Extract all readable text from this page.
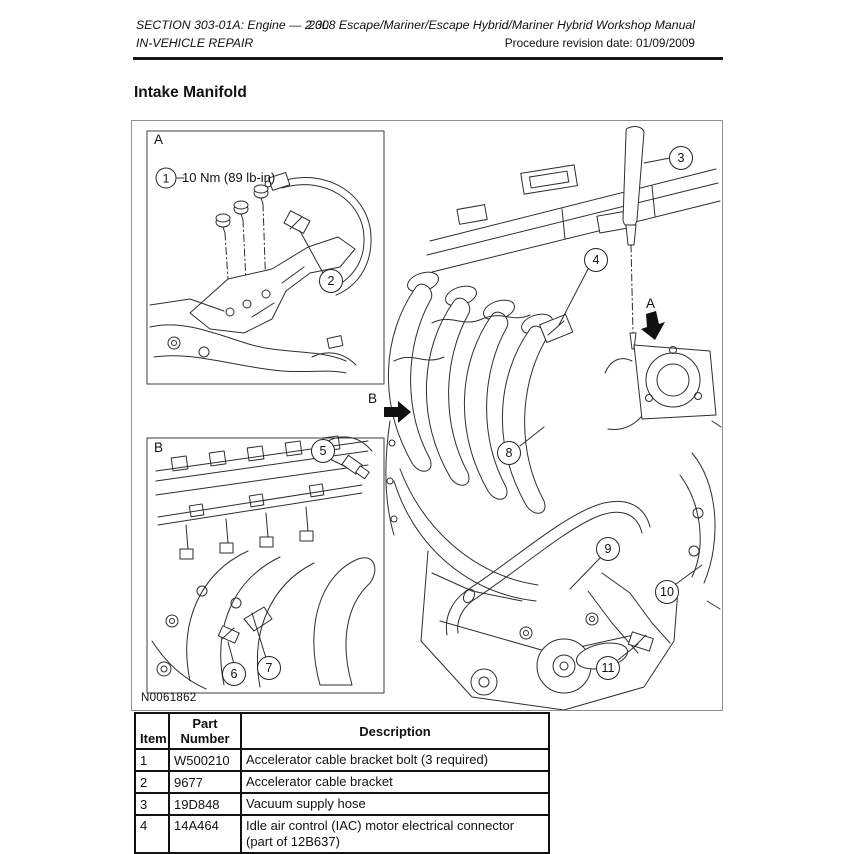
SECTION 303-01A: Engine — 2.3L
IN-VEHICLE REPAIR
2008 Escape/Mariner/Escape Hybrid/Mariner Hybrid Workshop Manual
Procedure revision date: 01/09/2009
Intake Manifold
A
B
A
B
10 Nm (89 lb-in)
N0061862
1
2
3
4
5
6	7
8
9
10
11
Item	Part Number	Description
1	W500210	Accelerator cable bracket bolt (3 required)
2	9677	Accelerator cable bracket
3	19D848	Vacuum supply hose
4	14A464	Idle air control (IAC) motor electrical connector (part of 12B637)
